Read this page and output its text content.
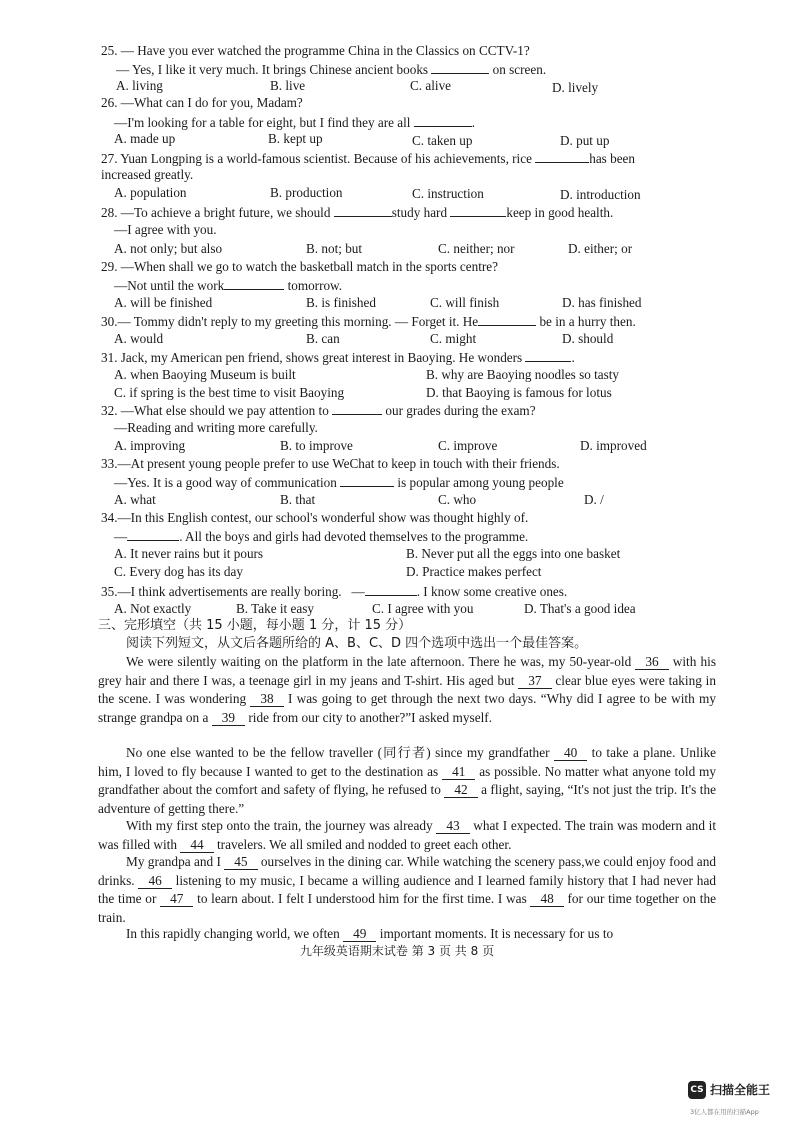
25. — Have you ever watched the programme China in the Classics on CCTV-1?
— Yes, I like it very much. It brings Chinese ancient books	on screen.
A. living	B. live	C. alive	D. lively
26. —What can I do for you, Madam?
—I'm looking for a table for eight, but I find they are all	.
A. made up	B. kept up	C. taken up	D. put up
27. Yuan Longping is a world-famous scientist. Because of his achievements, rice	has been
increased greatly.
A. population	B. production	C. instruction	D. introduction
28. —To achieve a bright future, we should	study hard	keep in good health.
—I agree with you.
A. not only; but also	B. not; but	C. neither; nor	D. either; or
29. —When shall we go to watch the basketball match in the sports centre?
—Not until the work	tomorrow.
A. will be finished	B. is finished	C. will finish	D. has finished
30.— Tommy didn't reply to my greeting this morning. — Forget it. He	be in a hurry then.
A. would	B. can	C. might	D. should
31. Jack, my American pen friend, shows great interest in Baoying. He wonders	.
A. when Baoying Museum is built	B. why are Baoying noodles so tasty
C. if spring is the best time to visit Baoying	D. that Baoying is famous for lotus
32. —What else should we pay attention to	our grades during the exam?
—Reading and writing more carefully.
A. improving	B. to improve	C. improve	D. improved
33.—At present young people prefer to use WeChat to keep in touch with their friends.
—Yes. It is a good way of communication	is popular among young people
A. what	B. that	C. who	D. /
34.—In this English contest, our school's wonderful show was thought highly of.
—	. All the boys and girls had devoted themselves to the programme.
A. It never rains but it pours	B. Never put all the eggs into one basket
C. Every dog has its day	D. Practice makes perfect
35.—I think advertisements are really boring. —	. I know some creative ones.
A. Not exactly	B. Take it easy	C. I agree with you	D. That's a good idea
三、完形填空（共 15 小题，每小题 1 分，计 15 分）
阅读下列短文，从文后各题所给的 A、B、C、D 四个选项中选出一个最佳答案。
We were silently waiting on the platform in the late afternoon. There he was, my 50-year-old 36 with his grey hair and there I was, a teenage girl in my jeans and T-shirt. His aged but 37 clear blue eyes were taking in the scene. I was wondering 38 I was going to get through the next two days. “Why did I agree to be with my strange grandpa on a 39 ride from our city to another?”I asked myself.
No one else wanted to be the fellow traveller (同行者) since my grandfather 40 to take a plane. Unlike him, I loved to fly because I wanted to get to the destination as 41 as possible. No matter what anyone told my grandfather about the comfort and safety of flying, he refused to 42 a flight, saying, “It's not just the trip. It's the adventure of getting there.”
With my first step onto the train, the journey was already 43 what I expected. The train was modern and it was filled with 44 travelers. We all smiled and nodded to greet each other.
My grandpa and I 45 ourselves in the dining car. While watching the scenery pass,we could enjoy food and drinks. 46 listening to my music, I became a willing audience and I learned family history that I had never had the time or 47 to learn about. I felt I understood him for the first time. I was 48 for our time together on the train.
In this rapidly changing world, we often 49 important moments. It is necessary for us to
九年级英语期末试卷 第 3 页 共 8 页
CS 扫描全能王
3亿人都在用的扫描App
